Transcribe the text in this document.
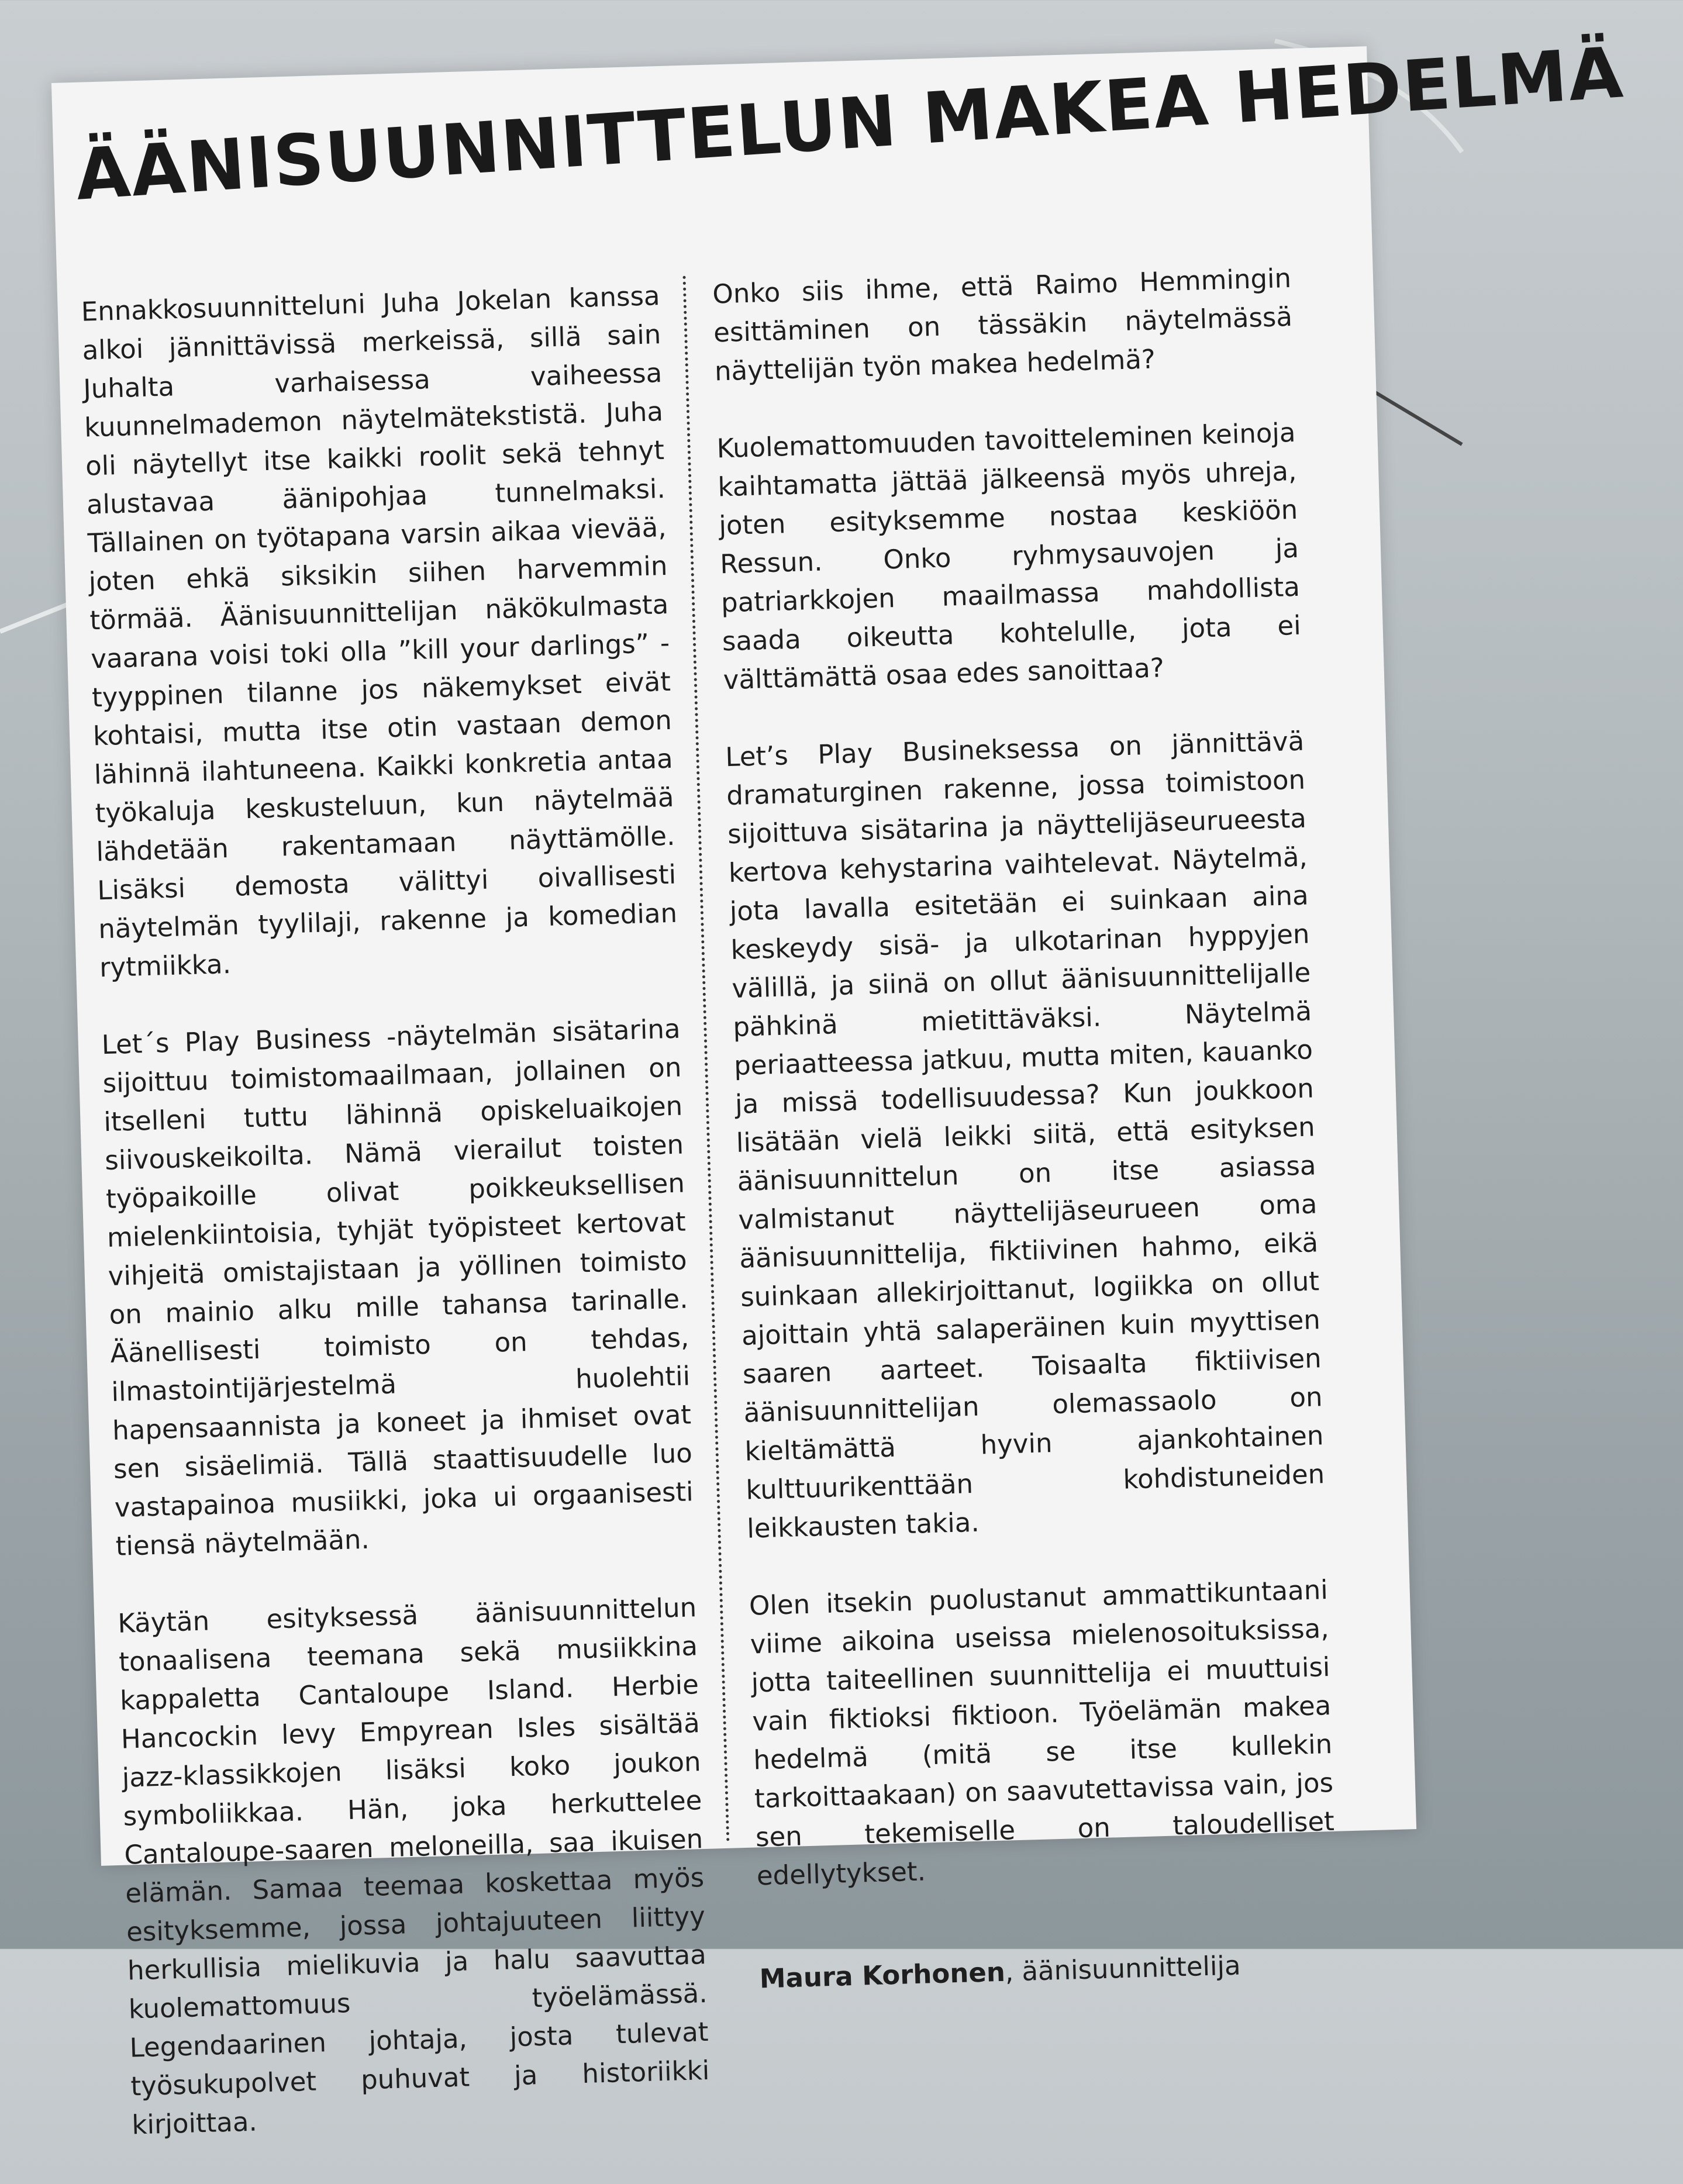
ÄÄNISUUNNITTELUN MAKEA HEDELMÄ

Ennakkosuunnitteluni Juha Jokelan kanssa alkoi jännittävissä merkeissä, sillä sain Juhalta varhaisessa vaiheessa kuunnelmademon näytelmätekstistä. Juha oli näytellyt itse kaikki roolit sekä tehnyt alustavaa äänipohjaa tunnelmaksi. Tällainen on työtapana varsin aikaa vievää, joten ehkä siksikin siihen harvemmin törmää. Äänisuunnittelijan näkökulmasta vaarana voisi toki olla ”kill your darlings” - tyyppinen tilanne jos näkemykset eivät kohtaisi, mutta itse otin vastaan demon lähinnä ilahtuneena. Kaikki konkretia antaa työkaluja keskusteluun, kun näytelmää lähdetään rakentamaan näyttämölle. Lisäksi demosta välittyi oivallisesti näytelmän tyylilaji, rakenne ja komedian rytmiikka.

Let´s Play Business -näytelmän sisätarina sijoittuu toimistomaailmaan, jollainen on itselleni tuttu lähinnä opiskeluaikojen siivouskeikoilta. Nämä vierailut toisten työpaikoille olivat poikkeuksellisen mielenkiintoisia, tyhjät työpisteet kertovat vihjeitä omistajistaan ja yöllinen toimisto on mainio alku mille tahansa tarinalle. Äänellisesti toimisto on tehdas, ilmastointijärjestelmä huolehtii hapensaannista ja koneet ja ihmiset ovat sen sisäelimiä. Tällä staattisuudelle luo vastapainoa musiikki, joka ui orgaanisesti tiensä näytelmään.

Käytän esityksessä äänisuunnittelun tonaalisena teemana sekä musiikkina kappaletta Cantaloupe Island. Herbie Hancockin levy Empyrean Isles sisältää jazz-klassikkojen lisäksi koko joukon symboliikkaa. Hän, joka herkuttelee Cantaloupe-saaren meloneilla, saa ikuisen elämän. Samaa teemaa koskettaa myös esityksemme, jossa johtajuuteen liittyy herkullisia mielikuvia ja halu saavuttaa kuolemattomuus työelämässä. Legendaarinen johtaja, josta tulevat työsukupolvet puhuvat ja historiikki kirjoittaa.

Onko siis ihme, että Raimo Hemmingin esittäminen on tässäkin näytelmässä näyttelijän työn makea hedelmä?

Kuolemattomuuden tavoitteleminen keinoja kaihtamatta jättää jälkeensä myös uhreja, joten esityksemme nostaa keskiöön Ressun. Onko ryhmysauvojen ja patriarkkojen maailmassa mahdollista saada oikeutta kohtelulle, jota ei välttämättä osaa edes sanoittaa?

Let’s Play Busineksessa on jännittävä dramaturginen rakenne, jossa toimistoon sijoittuva sisätarina ja näyttelijäseurueesta kertova kehystarina vaihtelevat. Näytelmä, jota lavalla esitetään ei suinkaan aina keskeydy sisä- ja ulkotarinan hyppyjen välillä, ja siinä on ollut äänisuunnittelijalle pähkinä mietittäväksi. Näytelmä periaatteessa jatkuu, mutta miten, kauanko ja missä todellisuudessa? Kun joukkoon lisätään vielä leikki siitä, että esityksen äänisuunnittelun on itse asiassa valmistanut näyttelijäseurueen oma äänisuunnittelija, fiktiivinen hahmo, eikä suinkaan allekirjoittanut, logiikka on ollut ajoittain yhtä salaperäinen kuin myyttisen saaren aarteet. Toisaalta fiktiivisen äänisuunnittelijan olemassaolo on kieltämättä hyvin ajankohtainen kulttuurikenttään kohdistuneiden leikkausten takia.

Olen itsekin puolustanut ammattikuntaani viime aikoina useissa mielenosoituksissa, jotta taiteellinen suunnittelija ei muuttuisi vain fiktioksi fiktioon. Työelämän makea hedelmä (mitä se itse kullekin tarkoittaakaan) on saavutettavissa vain, jos sen tekemiselle on taloudelliset edellytykset.

Maura Korhonen, äänisuunnittelija
